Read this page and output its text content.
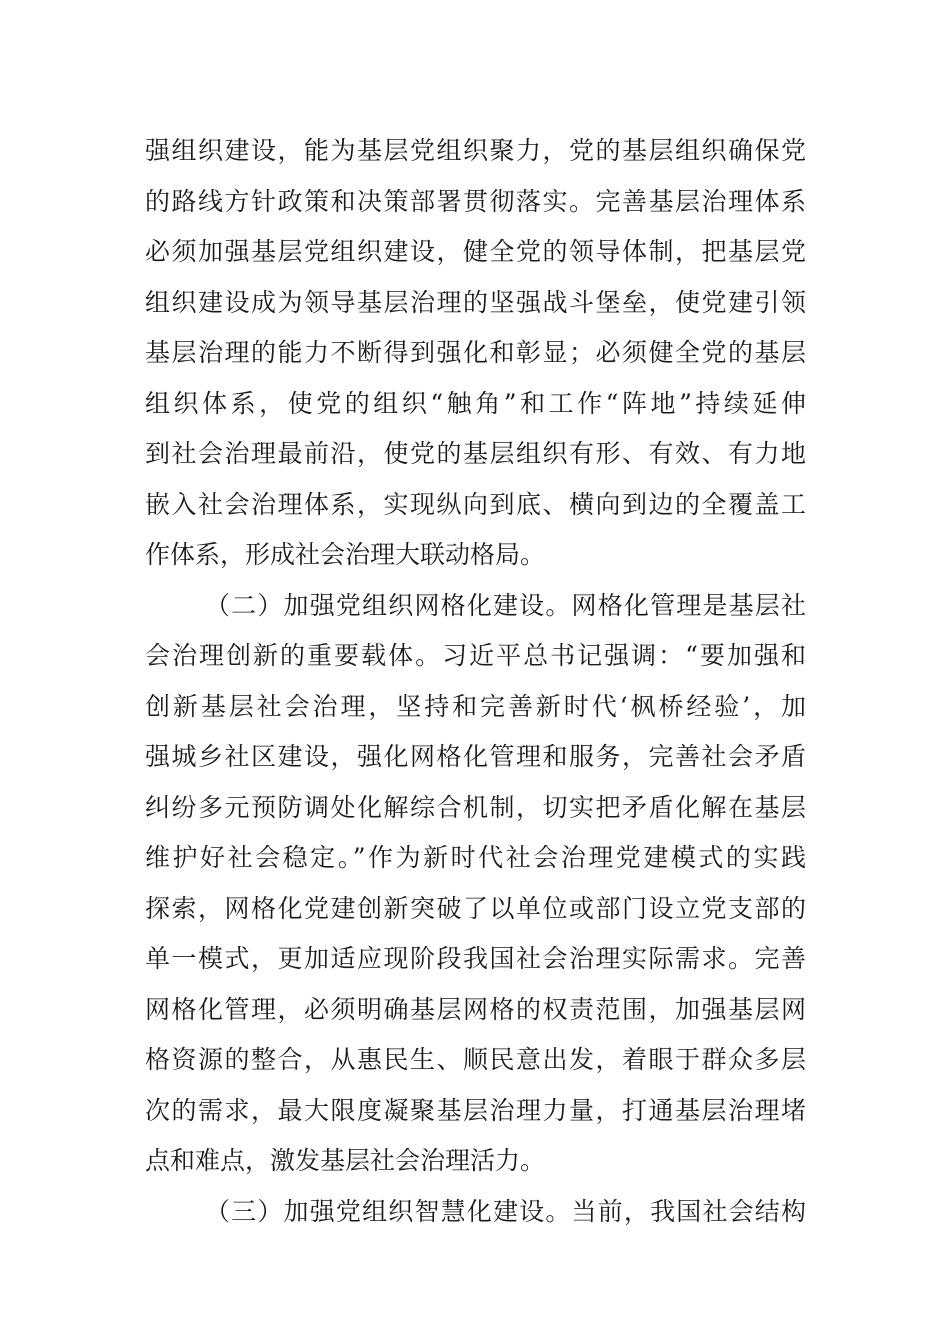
强组织建设，能为基层党组织聚力，党的基层组织确保党
的路线方针政策和决策部署贯彻落实。完善基层治理体系
必须加强基层党组织建设，健全党的领导体制，把基层党
组织建设成为领导基层治理的坚强战斗堡垒，使党建引领
基层治理的能力不断得到强化和彰显；必须健全党的基层
组织体系，使党的组织“触角”和工作“阵地”持续延伸
到社会治理最前沿，使党的基层组织有形、有效、有力地
嵌入社会治理体系，实现纵向到底、横向到边的全覆盖工
作体系，形成社会治理大联动格局。
（二）加强党组织网格化建设。网格化管理是基层社
会治理创新的重要载体。习近平总书记强调：“要加强和
创新基层社会治理，坚持和完善新时代‘枫桥经验’，加
强城乡社区建设，强化网格化管理和服务，完善社会矛盾
纠纷多元预防调处化解综合机制，切实把矛盾化解在基层
维护好社会稳定。”作为新时代社会治理党建模式的实践
探索，网格化党建创新突破了以单位或部门设立党支部的
单一模式，更加适应现阶段我国社会治理实际需求。完善
网格化管理，必须明确基层网格的权责范围，加强基层网
格资源的整合，从惠民生、顺民意出发，着眼于群众多层
次的需求，最大限度凝聚基层治理力量，打通基层治理堵
点和难点，激发基层社会治理活力。
（三）加强党组织智慧化建设。当前，我国社会结构
